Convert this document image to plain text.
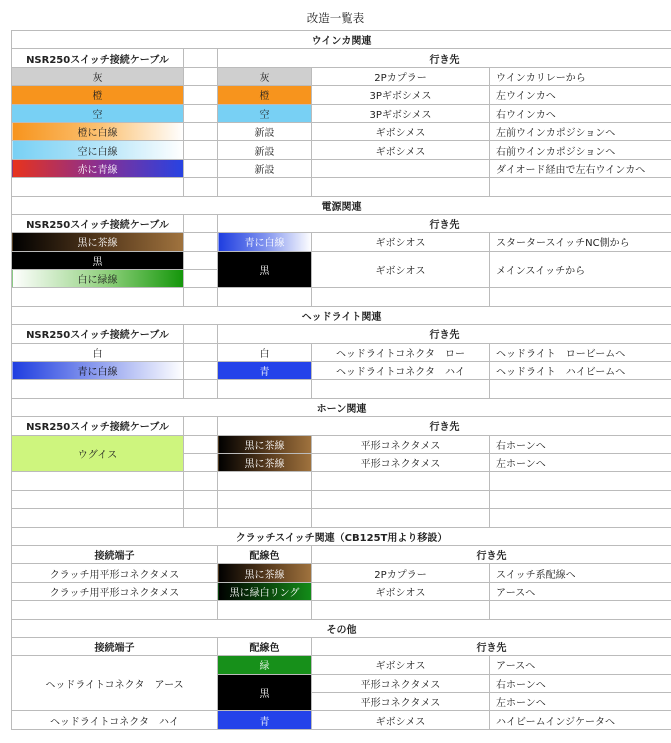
改造一覧表
ウインカ関連				
NSR250スイッチ接続ケーブル		行き先		
灰		灰	2Pカプラー	ウインカリレーから
橙		橙	3Pギボシメス	左ウインカへ
空		空	3Pギボシメス	右ウインカへ
橙に白線		新設	ギボシメス	左前ウインカポジションへ
空に白線		新設	ギボシメス	右前ウインカポジションへ
赤に青線		新設		ダイオード経由で左右ウインカへ

電源関連				
NSR250スイッチ接続ケーブル		行き先		
黒に茶線		青に白線	ギボシオス	スタータースイッチNC側から
黒		黒	ギボシオス	メインスイッチから
白に緑線				

ヘッドライト関連				
NSR250スイッチ接続ケーブル		行き先		
白		白	ヘッドライトコネクタ　ロー	ヘッドライト　ロービームへ
青に白線		青	ヘッドライトコネクタ　ハイ	ヘッドライト　ハイビームへ

ホーン関連				
NSR250スイッチ接続ケーブル		行き先		
ウグイス		黒に茶線	平形コネクタメス	右ホーンへ
		黒に茶線	平形コネクタメス	左ホーンへ

クラッチスイッチ関連（CB125T用より移設）				
接続端子		配線色	行き先	
クラッチ用平形コネクタメス		黒に茶線	2Pカプラー	スイッチ系配線へ
クラッチ用平形コネクタメス		黒に緑白リング	ギボシオス	アースへ

その他				
接続端子		配線色	行き先	
ヘッドライトコネクタ　アース		緑	ギボシオス	アースへ
		黒	平形コネクタメス	右ホーンへ
			平形コネクタメス	左ホーンへ
ヘッドライトコネクタ　ハイ		青	ギボシメス	ハイビームインジケータへ
